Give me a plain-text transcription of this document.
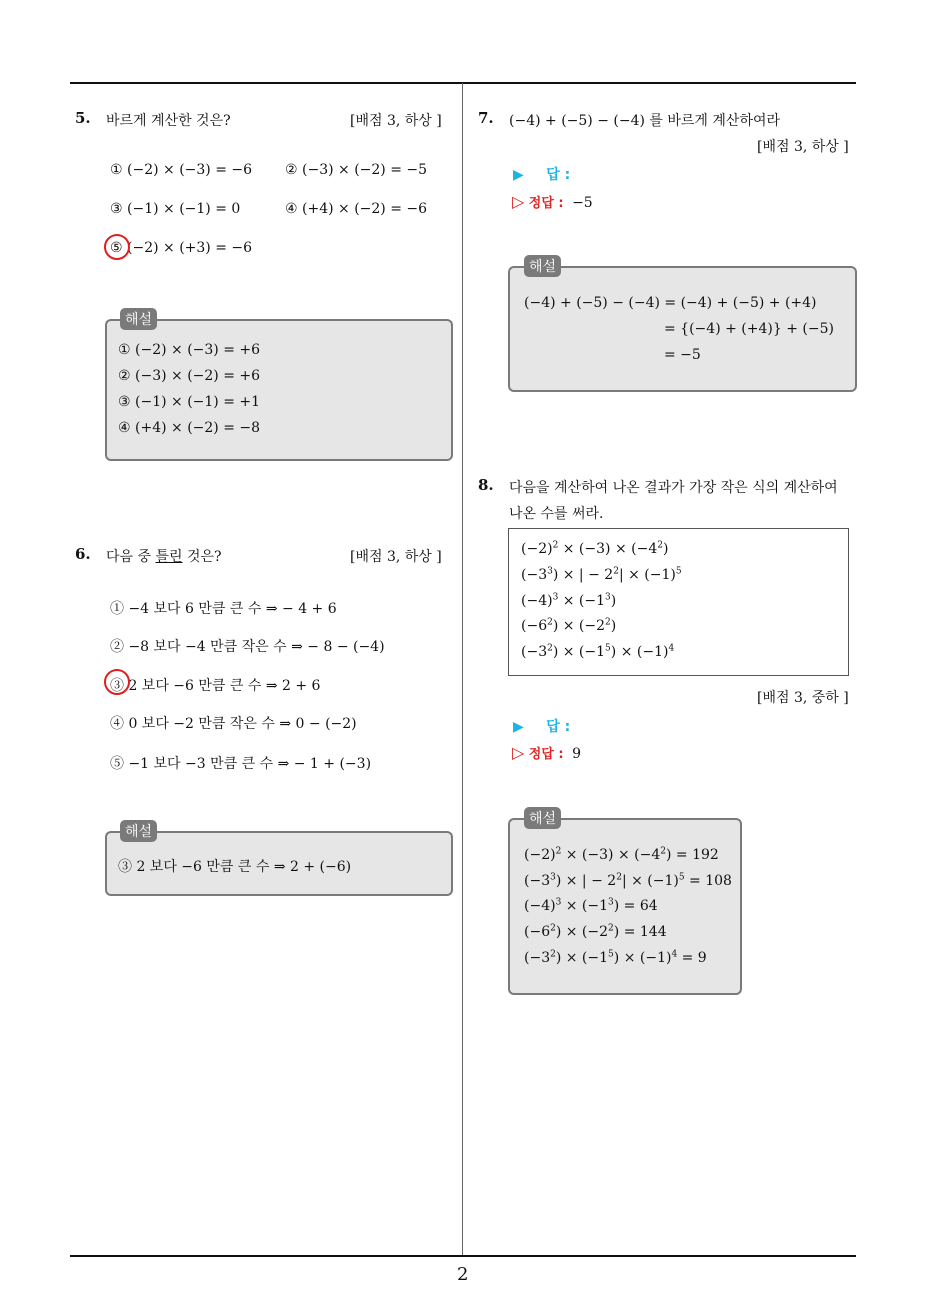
2
5. 바르게 계산한 것은?	[배점 3, 하상 ]
① (−2) × (−3) = −6 ② (−3) × (−2) = −5
③ (−1) × (−1) = 0	④ (+4) × (−2) = −6
⑤ (−2) × (+3) = −6
해설
① (−2) × (−3) = +6
② (−3) × (−2) = +6
③ (−1) × (−1) = +1
④ (+4) × (−2) = −8
6. 다음 중 틀린 것은?	[배점 3, 하상 ]
① −4 보다 6 만큼 큰 수 ⇒ − 4 + 6
② −8 보다 −4 만큼 작은 수 ⇒ − 8 − (−4)
③ 2 보다 −6 만큼 큰 수 ⇒ 2 + 6
④ 0 보다 −2 만큼 작은 수 ⇒ 0 − (−2)
⑤ −1 보다 −3 만큼 큰 수 ⇒ − 1 + (−3)
해설
③ 2 보다 −6 만큼 큰 수 ⇒ 2 + (−6)
7. (−4) + (−5) − (−4) 를 바르게 계산하여라
[배점 3, 하상 ]
▶ 답 :
▷ 정답 : −5
해설
(−4) + (−5) − (−4) = (−4) + (−5) + (+4)
= {(−4) + (+4)} + (−5)
= −5
8. 다음을 계산하여 나온 결과가 가장 작은 식의 계산하여
나온 수를 써라.
$(-2)^2 \times (-3) \times (-4^2)$
$(-3^3)$ × | − $2^2| \times (-1)^5$
$(-4)^3 \times (-1^3)$
$(-6^2) \times (-2^2)$
$(-3^2) \times (-1^5) \times (-1)^4$
[배점 3, 중하 ]
▶ 답 :
▷ 정답 : 9
해설
$(-2)^2 \times (-3) \times (-4^2) = 192$
$(-3^3)$ × | − $2^2| \times (-1)^5 = 108$
$(-4)^3 \times (-1^3) = 64$
$(-6^2) \times (-2^2) = 144$
$(-3^2) \times (-1^5) \times (-1)^4 = 9$
